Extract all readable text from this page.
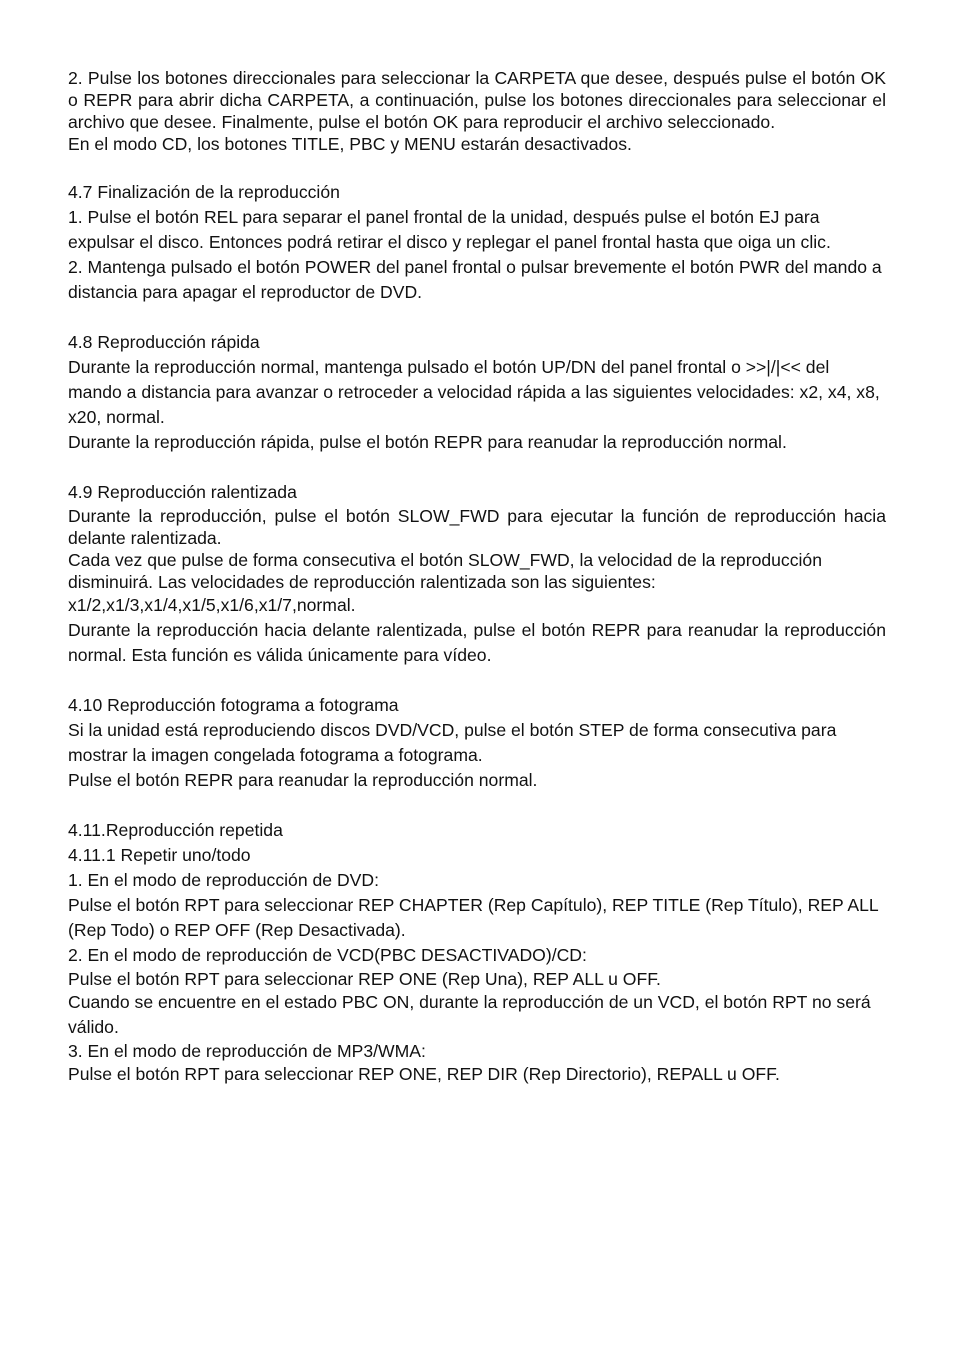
2. Pulse los botones direccionales para seleccionar la CARPETA que desee, después pulse el botón OK o REPR para abrir dicha CARPETA, a continuación, pulse los botones direccionales para seleccionar el archivo que desee. Finalmente, pulse el botón OK para reproducir el archivo seleccionado.

En el modo CD, los botones TITLE, PBC y MENU estarán desactivados.

4.7 Finalización de la reproducción

1. Pulse el botón REL para separar el panel frontal de la unidad, después pulse el botón EJ para expulsar el disco. Entonces podrá retirar el disco y replegar el panel frontal hasta que oiga un clic.

2. Mantenga pulsado el botón POWER del panel frontal o pulsar brevemente el botón PWR del mando a distancia para apagar el reproductor de DVD.

4.8 Reproducción rápida

Durante la reproducción normal, mantenga pulsado el botón UP/DN del panel frontal o >>|/|<< del mando a distancia para avanzar o retroceder a velocidad rápida a las siguientes velocidades: x2, x4, x8, x20, normal.

Durante la reproducción rápida, pulse el botón REPR para reanudar la reproducción normal.

4.9 Reproducción ralentizada

Durante la reproducción, pulse el botón SLOW_FWD para ejecutar la función de reproducción hacia delante ralentizada.

Cada vez que pulse de forma consecutiva el botón SLOW_FWD, la velocidad de la reproducción disminuirá. Las velocidades de reproducción ralentizada son las siguientes:

x1/2,x1/3,x1/4,x1/5,x1/6,x1/7,normal.

Durante la reproducción hacia delante ralentizada, pulse el botón REPR para reanudar la reproducción normal. Esta función es válida únicamente para vídeo.

4.10 Reproducción fotograma a fotograma

Si la unidad está reproduciendo discos DVD/VCD, pulse el botón STEP de forma consecutiva para mostrar la imagen congelada fotograma a fotograma.

Pulse el botón REPR para reanudar la reproducción normal.

4.11.Reproducción repetida

4.11.1 Repetir uno/todo

1. En el modo de reproducción de DVD:

Pulse el botón RPT para seleccionar REP CHAPTER (Rep Capítulo), REP TITLE (Rep Título), REP ALL (Rep Todo) o REP OFF (Rep Desactivada).

2. En el modo de reproducción de VCD(PBC DESACTIVADO)/CD:

Pulse el botón RPT para seleccionar REP ONE (Rep Una), REP ALL u OFF.

Cuando se encuentre en el estado PBC ON, durante la reproducción de un VCD, el botón RPT no será válido.

3. En el modo de reproducción de MP3/WMA:

Pulse el botón RPT para seleccionar REP ONE, REP DIR (Rep Directorio), REPALL u OFF.
